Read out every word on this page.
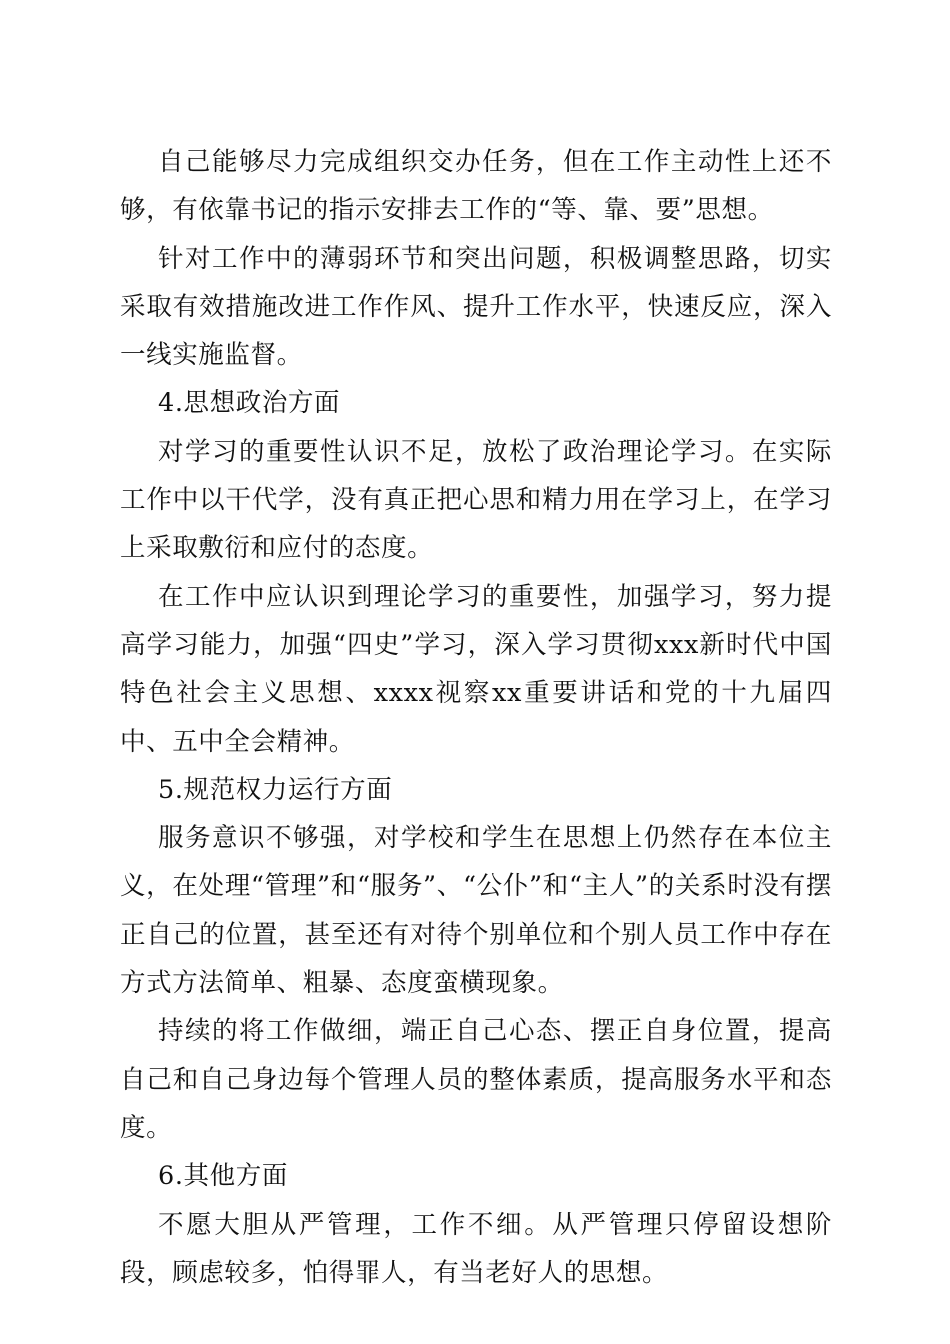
自己能够尽力完成组织交办任务，但在工作主动性上还不够，有依靠书记的指示安排去工作的“等、靠、要”思想。

针对工作中的薄弱环节和突出问题，积极调整思路，切实采取有效措施改进工作作风、提升工作水平，快速反应，深入一线实施监督。

4.思想政治方面

对学习的重要性认识不足，放松了政治理论学习。在实际工作中以干代学，没有真正把心思和精力用在学习上，在学习上采取敷衍和应付的态度。

在工作中应认识到理论学习的重要性，加强学习，努力提高学习能力，加强“四史”学习，深入学习贯彻xxx新时代中国特色社会主义思想、xxxx视察xx重要讲话和党的十九届四中、五中全会精神。

5.规范权力运行方面

服务意识不够强，对学校和学生在思想上仍然存在本位主义，在处理“管理”和“服务”、“公仆”和“主人”的关系时没有摆正自己的位置，甚至还有对待个别单位和个别人员工作中存在方式方法简单、粗暴、态度蛮横现象。

持续的将工作做细，端正自己心态、摆正自身位置，提高自己和自己身边每个管理人员的整体素质，提高服务水平和态度。

6.其他方面

不愿大胆从严管理，工作不细。从严管理只停留设想阶段，顾虑较多，怕得罪人，有当老好人的思想。
